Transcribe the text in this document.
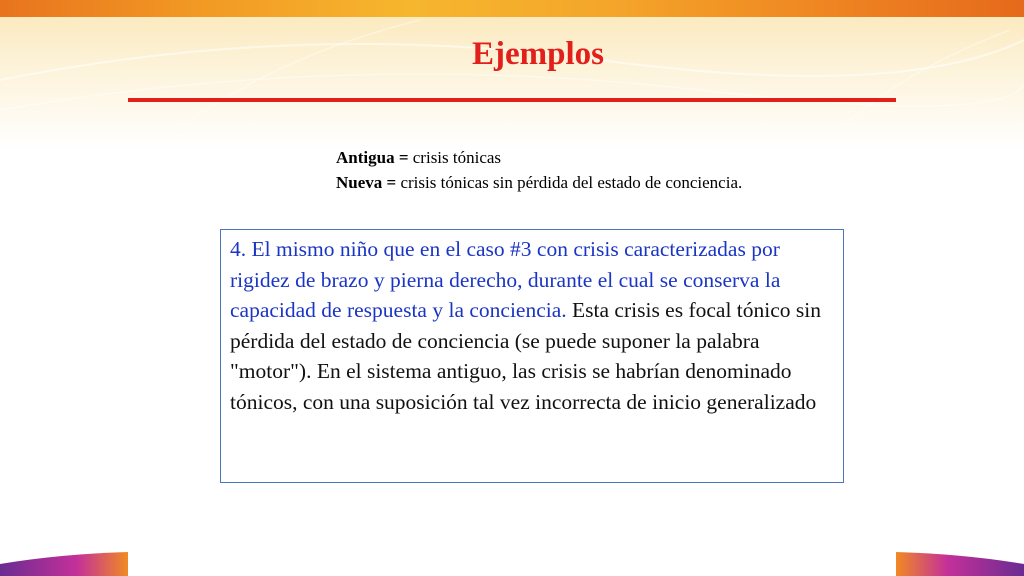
Ejemplos
Antigua = crisis tónicas
Nueva = crisis tónicas sin pérdida del estado de conciencia.
4. El mismo niño que en el caso #3 con crisis caracterizadas por rigidez de brazo y pierna derecho, durante el cual se conserva la capacidad de respuesta y la conciencia. Esta crisis es focal tónico sin pérdida del estado de conciencia (se puede suponer la palabra "motor"). En el sistema antiguo, las crisis se habrían denominado tónicos, con una suposición tal vez incorrecta de inicio generalizado
